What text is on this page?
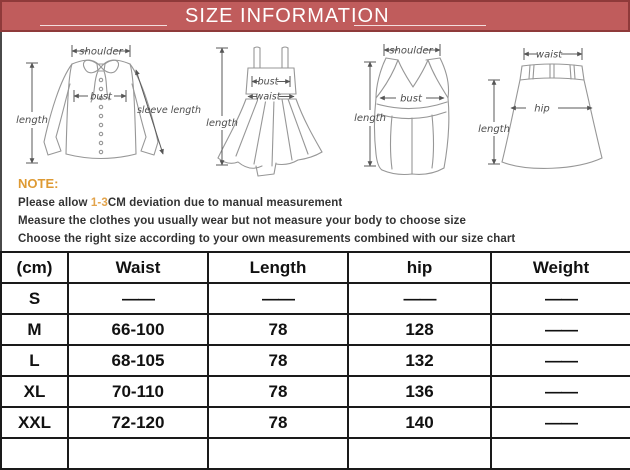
SIZE INFORMATION
shoulder
length
bust
sleeve length
bust
waist
length
shoulder
bust
length
waist
hip
length

NOTE:

Please allow 1-3CM deviation due to manual measurement

Measure the clothes you usually wear but not measure your body to choose size

Choose the right size according to your own measurements combined with our size chart

(cm)	Waist	Length	hip	Weight
S	——	——	——	——
M	66-100	78	128	——
L	68-105	78	132	——
XL	70-110	78	136	——
XXL	72-120	78	140	——
